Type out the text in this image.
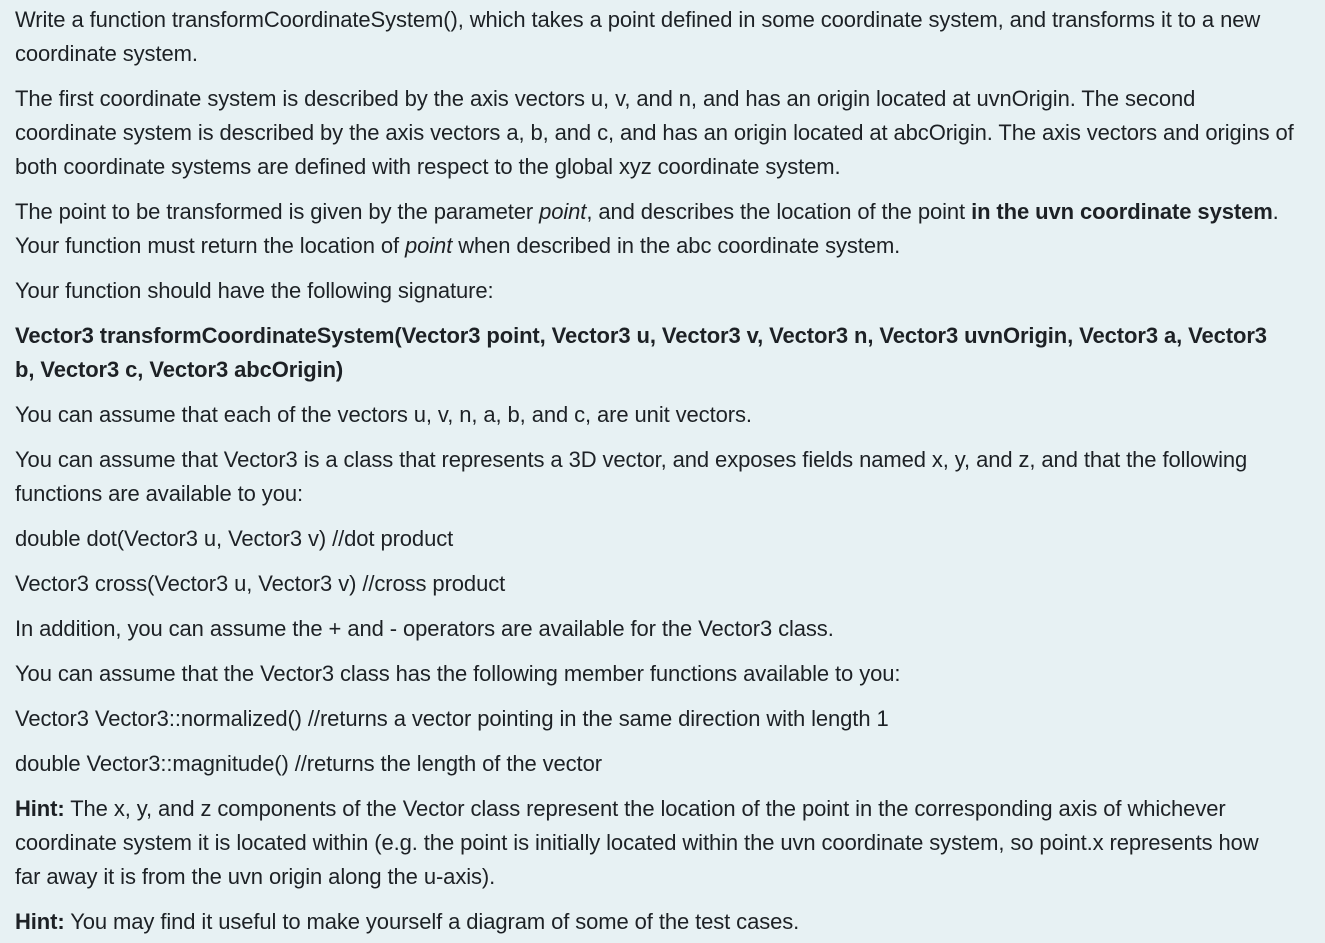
Write a function transformCoordinateSystem(), which takes a point defined in some coordinate system, and transforms it to a new
coordinate system.

The first coordinate system is described by the axis vectors u, v, and n, and has an origin located at uvnOrigin. The second
coordinate system is described by the axis vectors a, b, and c, and has an origin located at abcOrigin. The axis vectors and origins of
both coordinate systems are defined with respect to the global xyz coordinate system.

The point to be transformed is given by the parameter point, and describes the location of the point in the uvn coordinate system.
Your function must return the location of point when described in the abc coordinate system.

Your function should have the following signature:

Vector3 transformCoordinateSystem(Vector3 point, Vector3 u, Vector3 v, Vector3 n, Vector3 uvnOrigin, Vector3 a, Vector3
b, Vector3 c, Vector3 abcOrigin)

You can assume that each of the vectors u, v, n, a, b, and c, are unit vectors.

You can assume that Vector3 is a class that represents a 3D vector, and exposes fields named x, y, and z, and that the following
functions are available to you:

double dot(Vector3 u, Vector3 v) //dot product

Vector3 cross(Vector3 u, Vector3 v) //cross product

In addition, you can assume the + and - operators are available for the Vector3 class.

You can assume that the Vector3 class has the following member functions available to you:

Vector3 Vector3::normalized() //returns a vector pointing in the same direction with length 1

double Vector3::magnitude() //returns the length of the vector

Hint: The x, y, and z components of the Vector class represent the location of the point in the corresponding axis of whichever
coordinate system it is located within (e.g. the point is initially located within the uvn coordinate system, so point.x represents how
far away it is from the uvn origin along the u-axis).

Hint: You may find it useful to make yourself a diagram of some of the test cases.
